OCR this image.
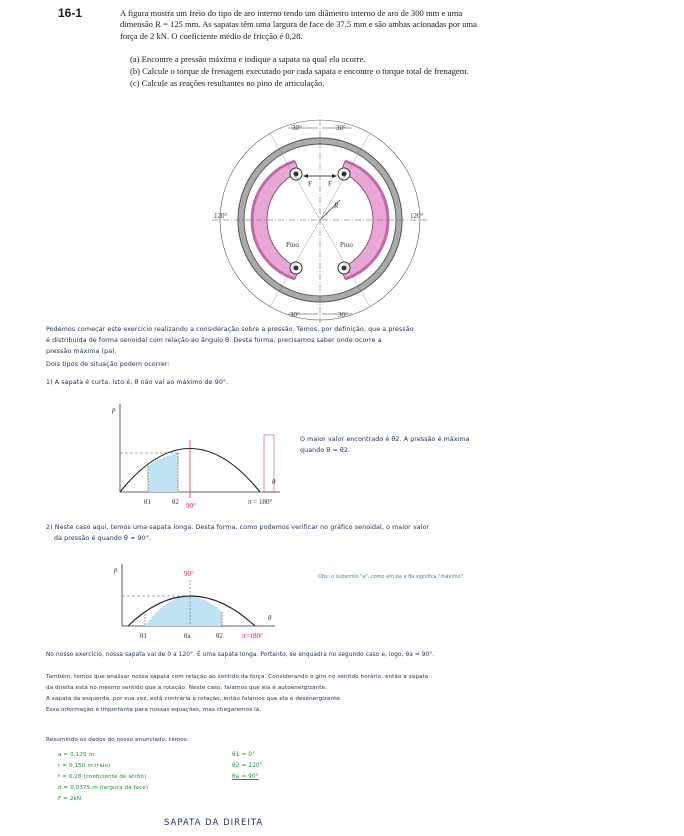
16-1	A figura mostra um freio do tipo de aro interno tendo um diâmetro interno de aro de 300 mm e uma
dimensão R = 125 mm. As sapatas têm uma largura de face de 37,5 mm e são ambas acionadas por uma
força de 2 kN. O coeficiente médio de fricção é 0,28.
(a) Encontre a pressão máxima e indique a sapata na qual ela ocorre.
(b) Calcule o torque de frenagem executado por cada sapata e encontre o torque total de frenagem.
(c) Calcule as reações resultantes no pino de articulação.
F F
R
30°	30°
30°	30°
120°	120°
Pino	Pino
Podemos começar este exercício realizando a consideração sobre a pressão. Temos, por definição, que a pressão
é distribuída de forma senoidal com relação ao ângulo θ. Desta forma, precisamos saber onde ocorre a
pressão máxima (pa).
Dois tipos de situação podem ocorrer:
1) A sapata é curta, isto é, θ não vai ao máximo de 90°.
p
θ
θ1	θ2 90°	π = 180°
O maior valor encontrado é θ2. A pressão é máxima
quando θ = θ2.
2) Neste caso aqui, temos uma sapata longa. Desta forma, como podemos verificar no gráfico senoidal, o maior valor
da pressão é quando θ = 90°.
p
θ
90°
θ1	θa	θ2	π=180°
Obs: o subscrito "a", como em pa e θa significa "máximo".
No nosso exercício, nossa sapata vai de 0 a 120°. É uma sapata longa. Portanto, se enquadra no segundo caso e, logo, θa = 90°.
Também, temos que analisar nossa sapata com relação ao sentido da força. Considerando o giro no sentido horário, então a sapata
da direita está no mesmo sentido que a rotação. Neste caso, falamos que ela é autoenergizante.
A sapata da esquerda, por sua vez, está contrária à rotação, então falamos que ela é desenergizante.
Essa informação é importante para nossas equações, mas chegaremos lá.
Resumindo os dados do nosso enunciado, temos:
a = 0,125 m
r = 0,150 m (raio)
f = 0,28 (coeficiente de atrito)
d = 0,0375 m (largura da face)
F = 2kN
θ1 = 0°
θ2 = 120°
θa = 90°
SAPATA DA DIREITA
